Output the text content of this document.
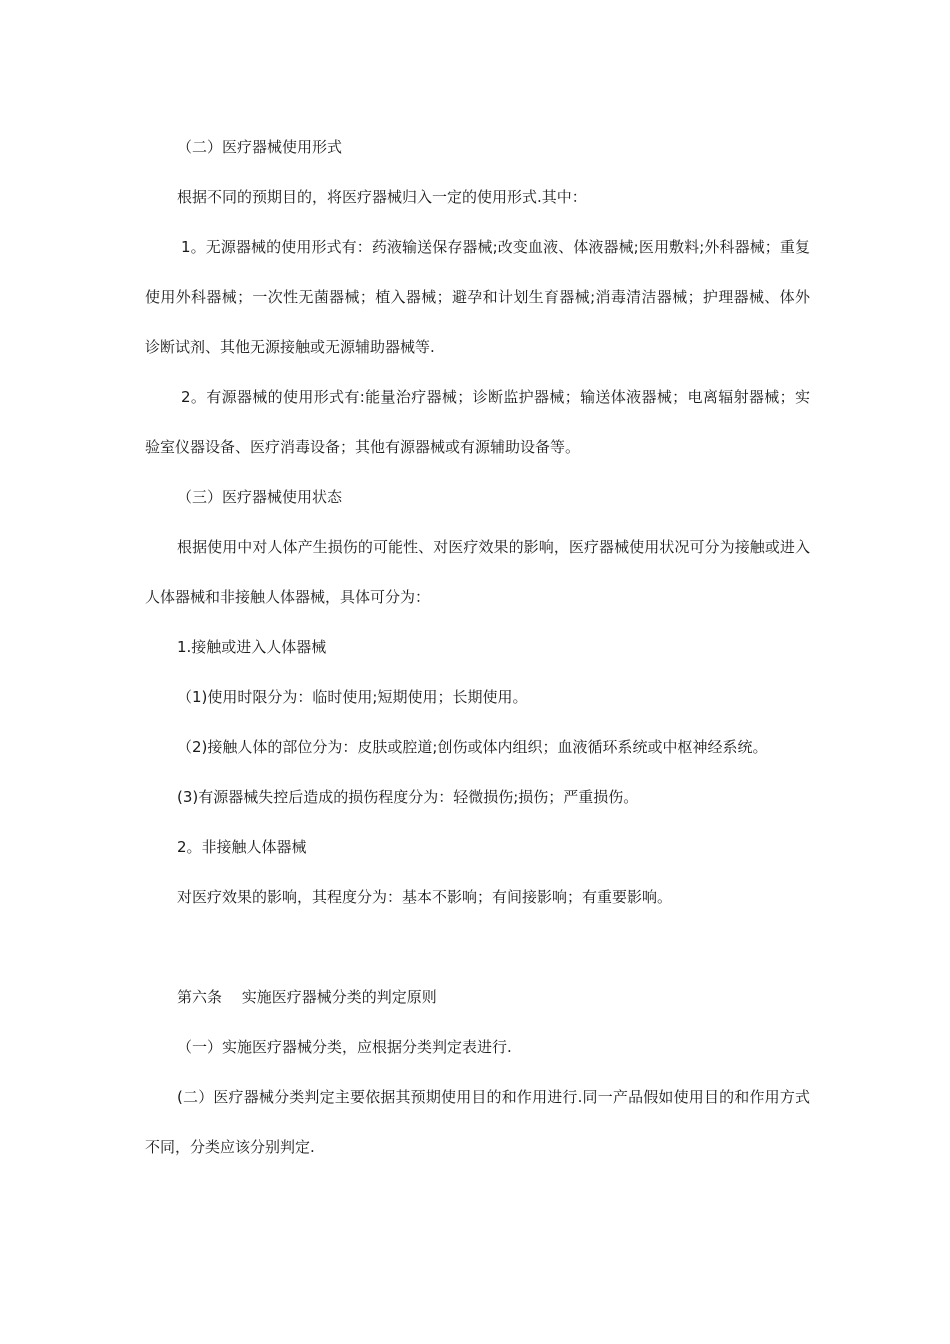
（二）医疗器械使用形式

根据不同的预期目的，将医疗器械归入一定的使用形式.其中：

1。无源器械的使用形式有：药液输送保存器械;改变血液、体液器械;医用敷料;外科器械；重复使用外科器械；一次性无菌器械；植入器械；避孕和计划生育器械;消毒清洁器械；护理器械、体外诊断试剂、其他无源接触或无源辅助器械等.

2。有源器械的使用形式有:能量治疗器械；诊断监护器械；输送体液器械；电离辐射器械；实验室仪器设备、医疗消毒设备；其他有源器械或有源辅助设备等。

（三）医疗器械使用状态

根据使用中对人体产生损伤的可能性、对医疗效果的影响，医疗器械使用状况可分为接触或进入人体器械和非接触人体器械，具体可分为：

1.接触或进入人体器械

（1)使用时限分为：临时使用;短期使用；长期使用。

（2)接触人体的部位分为：皮肤或腔道;创伤或体内组织；血液循环系统或中枢神经系统。

(3)有源器械失控后造成的损伤程度分为：轻微损伤;损伤；严重损伤。

2。非接触人体器械

对医疗效果的影响，其程度分为：基本不影响；有间接影响；有重要影响。

第六条　 实施医疗器械分类的判定原则

（一）实施医疗器械分类，应根据分类判定表进行.

(二）医疗器械分类判定主要依据其预期使用目的和作用进行.同一产品假如使用目的和作用方式不同，分类应该分别判定.
